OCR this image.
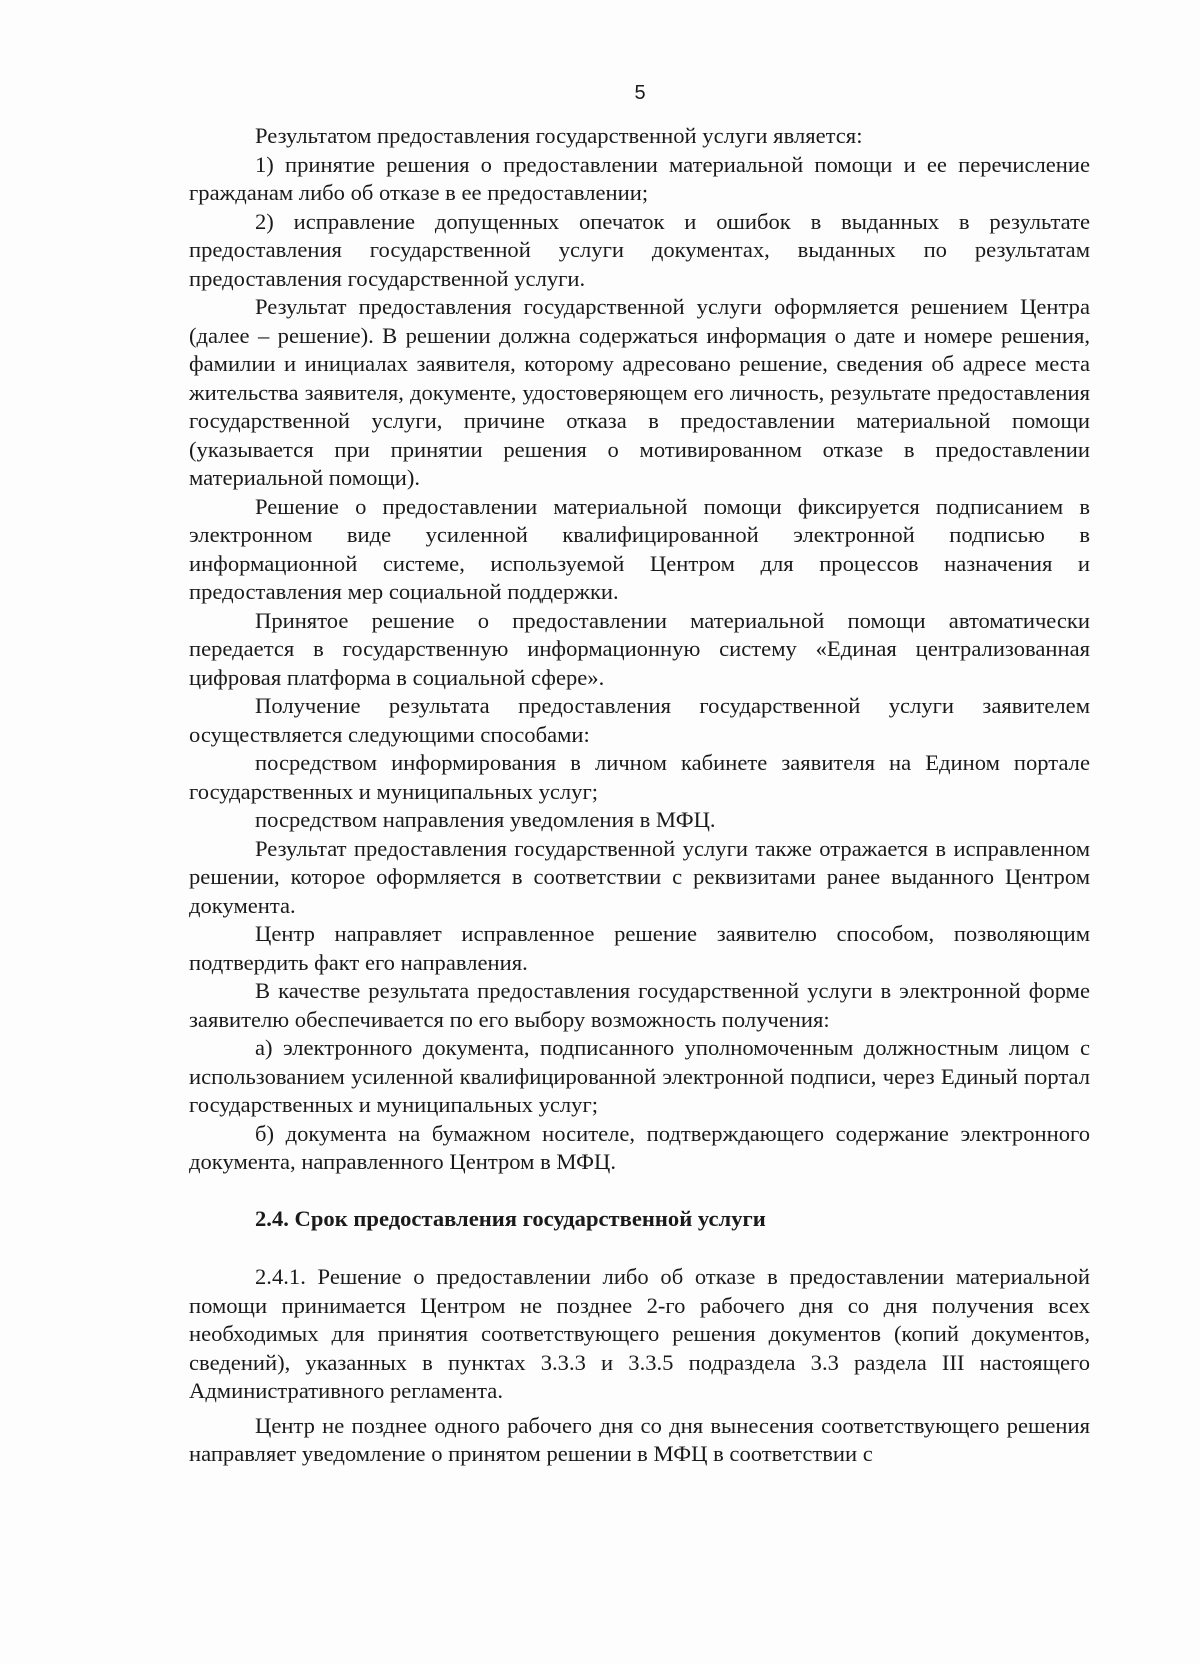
5

Результатом предоставления государственной услуги является:

1) принятие решения о предоставлении материальной помощи и ее перечисление гражданам либо об отказе в ее предоставлении;

2) исправление допущенных опечаток и ошибок в выданных в результате предоставления государственной услуги документах, выданных по результатам предоставления государственной услуги.

Результат предоставления государственной услуги оформляется решением Центра (далее – решение). В решении должна содержаться информация о дате и номере решения, фамилии и инициалах заявителя, которому адресовано решение, сведения об адресе места жительства заявителя, документе, удостоверяющем его личность, результате предоставления государственной услуги, причине отказа в предоставлении материальной помощи (указывается при принятии решения о мотивированном отказе в предоставлении материальной помощи).

Решение о предоставлении материальной помощи фиксируется подписанием в электронном виде усиленной квалифицированной электронной подписью в информационной системе, используемой Центром для процессов назначения и предоставления мер социальной поддержки.

Принятое решение о предоставлении материальной помощи автоматически передается в государственную информационную систему «Единая централизованная цифровая платформа в социальной сфере».

Получение результата предоставления государственной услуги заявителем осуществляется следующими способами:

посредством информирования в личном кабинете заявителя на Едином портале государственных и муниципальных услуг;

посредством направления уведомления в МФЦ.

Результат предоставления государственной услуги также отражается в исправленном решении, которое оформляется в соответствии с реквизитами ранее выданного Центром документа.

Центр направляет исправленное решение заявителю способом, позволяющим подтвердить факт его направления.

В качестве результата предоставления государственной услуги в электронной форме заявителю обеспечивается по его выбору возможность получения:

а) электронного документа, подписанного уполномоченным должностным лицом с использованием усиленной квалифицированной электронной подписи, через Единый портал государственных и муниципальных услуг;

б) документа на бумажном носителе, подтверждающего содержание электронного документа, направленного Центром в МФЦ.

2.4. Срок предоставления государственной услуги

2.4.1. Решение о предоставлении либо об отказе в предоставлении материальной помощи принимается Центром не позднее 2-го рабочего дня со дня получения всех необходимых для принятия соответствующего решения документов (копий документов, сведений), указанных в пунктах 3.3.3 и 3.3.5 подраздела 3.3 раздела III настоящего Административного регламента.

Центр не позднее одного рабочего дня со дня вынесения соответствующего решения направляет уведомление о принятом решении в МФЦ в соответствии с
